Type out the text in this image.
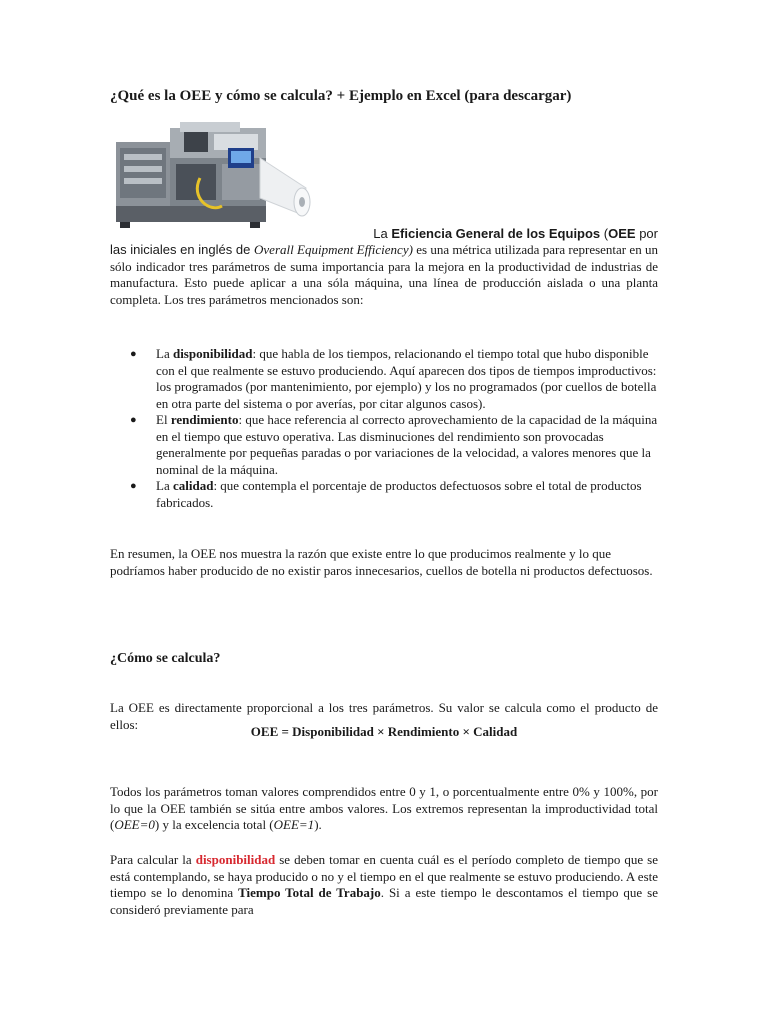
¿Qué es la OEE y cómo se calcula? + Ejemplo en Excel (para descargar)
La Eficiencia General de los Equipos (OEE por
las iniciales en inglés de Overall Equipment Efficiency) es una métrica utilizada para representar en un sólo indicador tres parámetros de suma importancia para la mejora en la productividad de industrias de manufactura. Esto puede aplicar a una sóla máquina, una línea de producción aislada o una planta completa. Los tres parámetros mencionados son:
● La disponibilidad: que habla de los tiempos, relacionando el tiempo total que hubo disponible con el que realmente se estuvo produciendo. Aquí aparecen dos tipos de tiempos improductivos: los programados (por mantenimiento, por ejemplo) y los no programados (por cuellos de botella en otra parte del sistema o por averías, por citar algunos casos).
● El rendimiento: que hace referencia al correcto aprovechamiento de la capacidad de la máquina en el tiempo que estuvo operativa. Las disminuciones del rendimiento son provocadas generalmente por pequeñas paradas o por variaciones de la velocidad, a valores menores que la nominal de la máquina.
● La calidad: que contempla el porcentaje de productos defectuosos sobre el total de productos fabricados.

En resumen, la OEE nos muestra la razón que existe entre lo que producimos realmente y lo que podríamos haber producido de no existir paros innecesarios, cuellos de botella ni productos defectuosos.

¿Cómo se calcula?

La OEE es directamente proporcional a los tres parámetros. Su valor se calcula como el producto de ellos:	OEE = Disponibilidad × Rendimiento × Calidad

Todos los parámetros toman valores comprendidos entre 0 y 1, o porcentualmente entre 0% y 100%, por lo que la OEE también se sitúa entre ambos valores. Los extremos representan la improductividad total (OEE=0) y la excelencia total (OEE=1).

Para calcular la disponibilidad se deben tomar en cuenta cuál es el período completo de tiempo que se está contemplando, se haya producido o no y el tiempo en el que realmente se estuvo produciendo. A este tiempo se lo denomina Tiempo Total de Trabajo. Si a este tiempo le descontamos el tiempo que se consideró previamente para
